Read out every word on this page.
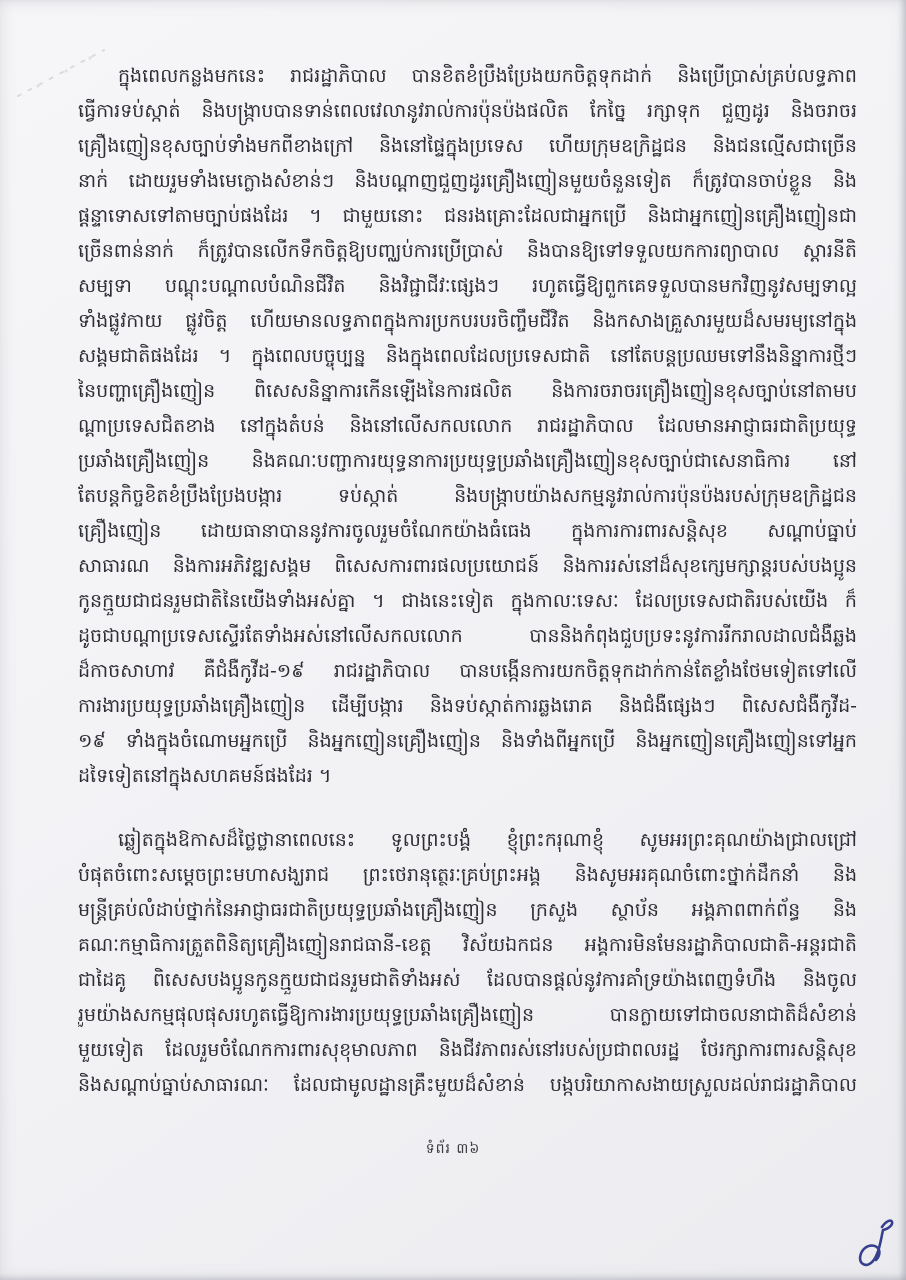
ក្នុងពេលកន្លងមកនេះ រាជរដ្ឋាភិបាល បានខិតខំប្រឹងប្រែងយកចិត្តទុកដាក់ និងប្រើប្រាស់គ្រប់លទ្ធភាព
ធ្វើការទប់ស្កាត់ និងបង្ក្រាបបានទាន់ពេលវេលានូវរាល់ការប៉ុនប៉ងផលិត កែច្នៃ រក្សាទុក ជួញដូរ និងចរាចរ
គ្រឿងញៀនខុសច្បាប់ទាំងមកពីខាងក្រៅ និងនៅផ្ទៃក្នុងប្រទេស ហើយក្រុមឧក្រិដ្ឋជន និងជនល្មើសជាច្រើន
នាក់ ដោយរួមទាំងមេក្លោងសំខាន់ៗ និងបណ្តាញជួញដូរគ្រឿងញៀនមួយចំនួនទៀត ក៏ត្រូវបានចាប់ខ្លួន និង
ផ្តន្ទាទោសទៅតាមច្បាប់ផងដែរ ។ ជាមួយនោះ ជនរងគ្រោះដែលជាអ្នកប្រើ និងជាអ្នកញៀនគ្រឿងញៀនជា
ច្រើនពាន់នាក់ ក៏ត្រូវបានលើកទឹកចិត្តឱ្យបញ្ឈប់ការប្រើប្រាស់ និងបានឱ្យទៅទទួលយកការព្យាបាល ស្តារនីតិ
សម្បទា បណ្តុះបណ្តាលបំណិនជីវិត និងវិជ្ជាជីវៈផ្សេងៗ រហូតធ្វើឱ្យពួកគេទទួលបានមកវិញនូវសម្បទាល្អ
ទាំងផ្លូវកាយ ផ្លូវចិត្ត ហើយមានលទ្ធភាពក្នុងការប្រកបរបរចិញ្ចឹមជីវិត និងកសាងគ្រួសារមួយដ៏សមរម្យនៅក្នុង
សង្គមជាតិផងដែរ ។ ក្នុងពេលបច្ចុប្បន្ន និងក្នុងពេលដែលប្រទេសជាតិ នៅតែបន្តប្រឈមទៅនឹងនិន្នាការថ្មីៗ
នៃបញ្ហាគ្រឿងញៀន ពិសេសនិន្នាការកើនឡើងនៃការផលិត និងការចរាចរគ្រឿងញៀនខុសច្បាប់នៅតាមប
ណ្តាប្រទេសជិតខាង នៅក្នុងតំបន់ និងនៅលើសកលលោក រាជរដ្ឋាភិបាល ដែលមានអាជ្ញាធរជាតិប្រយុទ្ធ
ប្រឆាំងគ្រឿងញៀន និងគណៈបញ្ជាការយុទ្ធនាការប្រយុទ្ធប្រឆាំងគ្រឿងញៀនខុសច្បាប់ជាសេនាធិការ នៅ
តែបន្តកិច្ចខិតខំប្រឹងប្រែងបង្ការ ទប់ស្កាត់ និងបង្ក្រាបយ៉ាងសកម្មនូវរាល់ការប៉ុនប៉ងរបស់ក្រុមឧក្រិដ្ឋជន
គ្រឿងញៀន ដោយធានាបាននូវការចូលរួមចំណែកយ៉ាងធំធេង ក្នុងការការពារសន្តិសុខ សណ្តាប់ធ្នាប់
សាធារណ និងការអភិវឌ្ឍសង្គម ពិសេសការពារផលប្រយោជន៍ និងការរស់នៅដ៏សុខក្សេមក្សាន្តរបស់បងប្អូន
កូនក្មួយជាជនរួមជាតិនៃយើងទាំងអស់គ្នា ។ ជាងនេះទៀត ក្នុងកាលៈទេសៈ ដែលប្រទេសជាតិរបស់យើង ក៏
ដូចជាបណ្តាប្រទេសស្ទើរតែទាំងអស់នៅលើសកលលោក បាននិងកំពុងជួបប្រទះនូវការរីករាលដាលជំងឺឆ្លង
ដ៏កាចសាហាវ គឺជំងឺកូវីដ-១៩ រាជរដ្ឋាភិបាល បានបង្កើនការយកចិត្តទុកដាក់កាន់តែខ្លាំងថែមទៀតទៅលើ
ការងារប្រយុទ្ធប្រឆាំងគ្រឿងញៀន ដើម្បីបង្ការ និងទប់ស្កាត់ការឆ្លងរោគ និងជំងឺផ្សេងៗ ពិសេសជំងឺកូវីដ-
១៩ ទាំងក្នុងចំណោមអ្នកប្រើ និងអ្នកញៀនគ្រឿងញៀន និងទាំងពីអ្នកប្រើ និងអ្នកញៀនគ្រឿងញៀនទៅអ្នក
ដទៃទៀតនៅក្នុងសហគមន៍ផងដែរ ។
ឆ្លៀតក្នុងឱកាសដ៏ថ្លៃថ្លានាពេលនេះ ទូលព្រះបង្គំ ខ្ញុំព្រះករុណាខ្ញុំ សូមអរព្រះគុណយ៉ាងជ្រាលជ្រៅ
បំផុតចំពោះសម្តេចព្រះមហាសង្ឃរាជ ព្រះថេរានុត្ថេរៈគ្រប់ព្រះអង្គ និងសូមអរគុណចំពោះថ្នាក់ដឹកនាំ និង
មន្ត្រីគ្រប់លំដាប់ថ្នាក់នៃអាជ្ញាធរជាតិប្រយុទ្ធប្រឆាំងគ្រឿងញៀន ក្រសួង ស្ថាប័ន អង្គភាពពាក់ព័ន្ធ និង
គណៈកម្មាធិការត្រួតពិនិត្យគ្រឿងញៀនរាជធានី-ខេត្ត វិស័យឯកជន អង្គការមិនមែនរដ្ឋាភិបាលជាតិ-អន្តរជាតិ
ជាដៃគូ ពិសេសបងប្អូនកូនក្មួយជាជនរួមជាតិទាំងអស់ ដែលបានផ្តល់នូវការគាំទ្រយ៉ាងពេញទំហឹង និងចូល
រួមយ៉ាងសកម្មផុលផុសរហូតធ្វើឱ្យការងារប្រយុទ្ធប្រឆាំងគ្រឿងញៀន បានក្លាយទៅជាចលនាជាតិដ៏សំខាន់
មួយទៀត ដែលរួមចំណែកការពារសុខុមាលភាព និងជីវភាពរស់នៅរបស់ប្រជាពលរដ្ឋ ថែរក្សាការពារសន្តិសុខ
និងសណ្តាប់ធ្នាប់សាធារណៈ ដែលជាមូលដ្ឋានគ្រឹះមួយដ៏សំខាន់ បង្កបរិយាកាសងាយស្រួលដល់រាជរដ្ឋាភិបាល
ទំព័រ ៣៦
